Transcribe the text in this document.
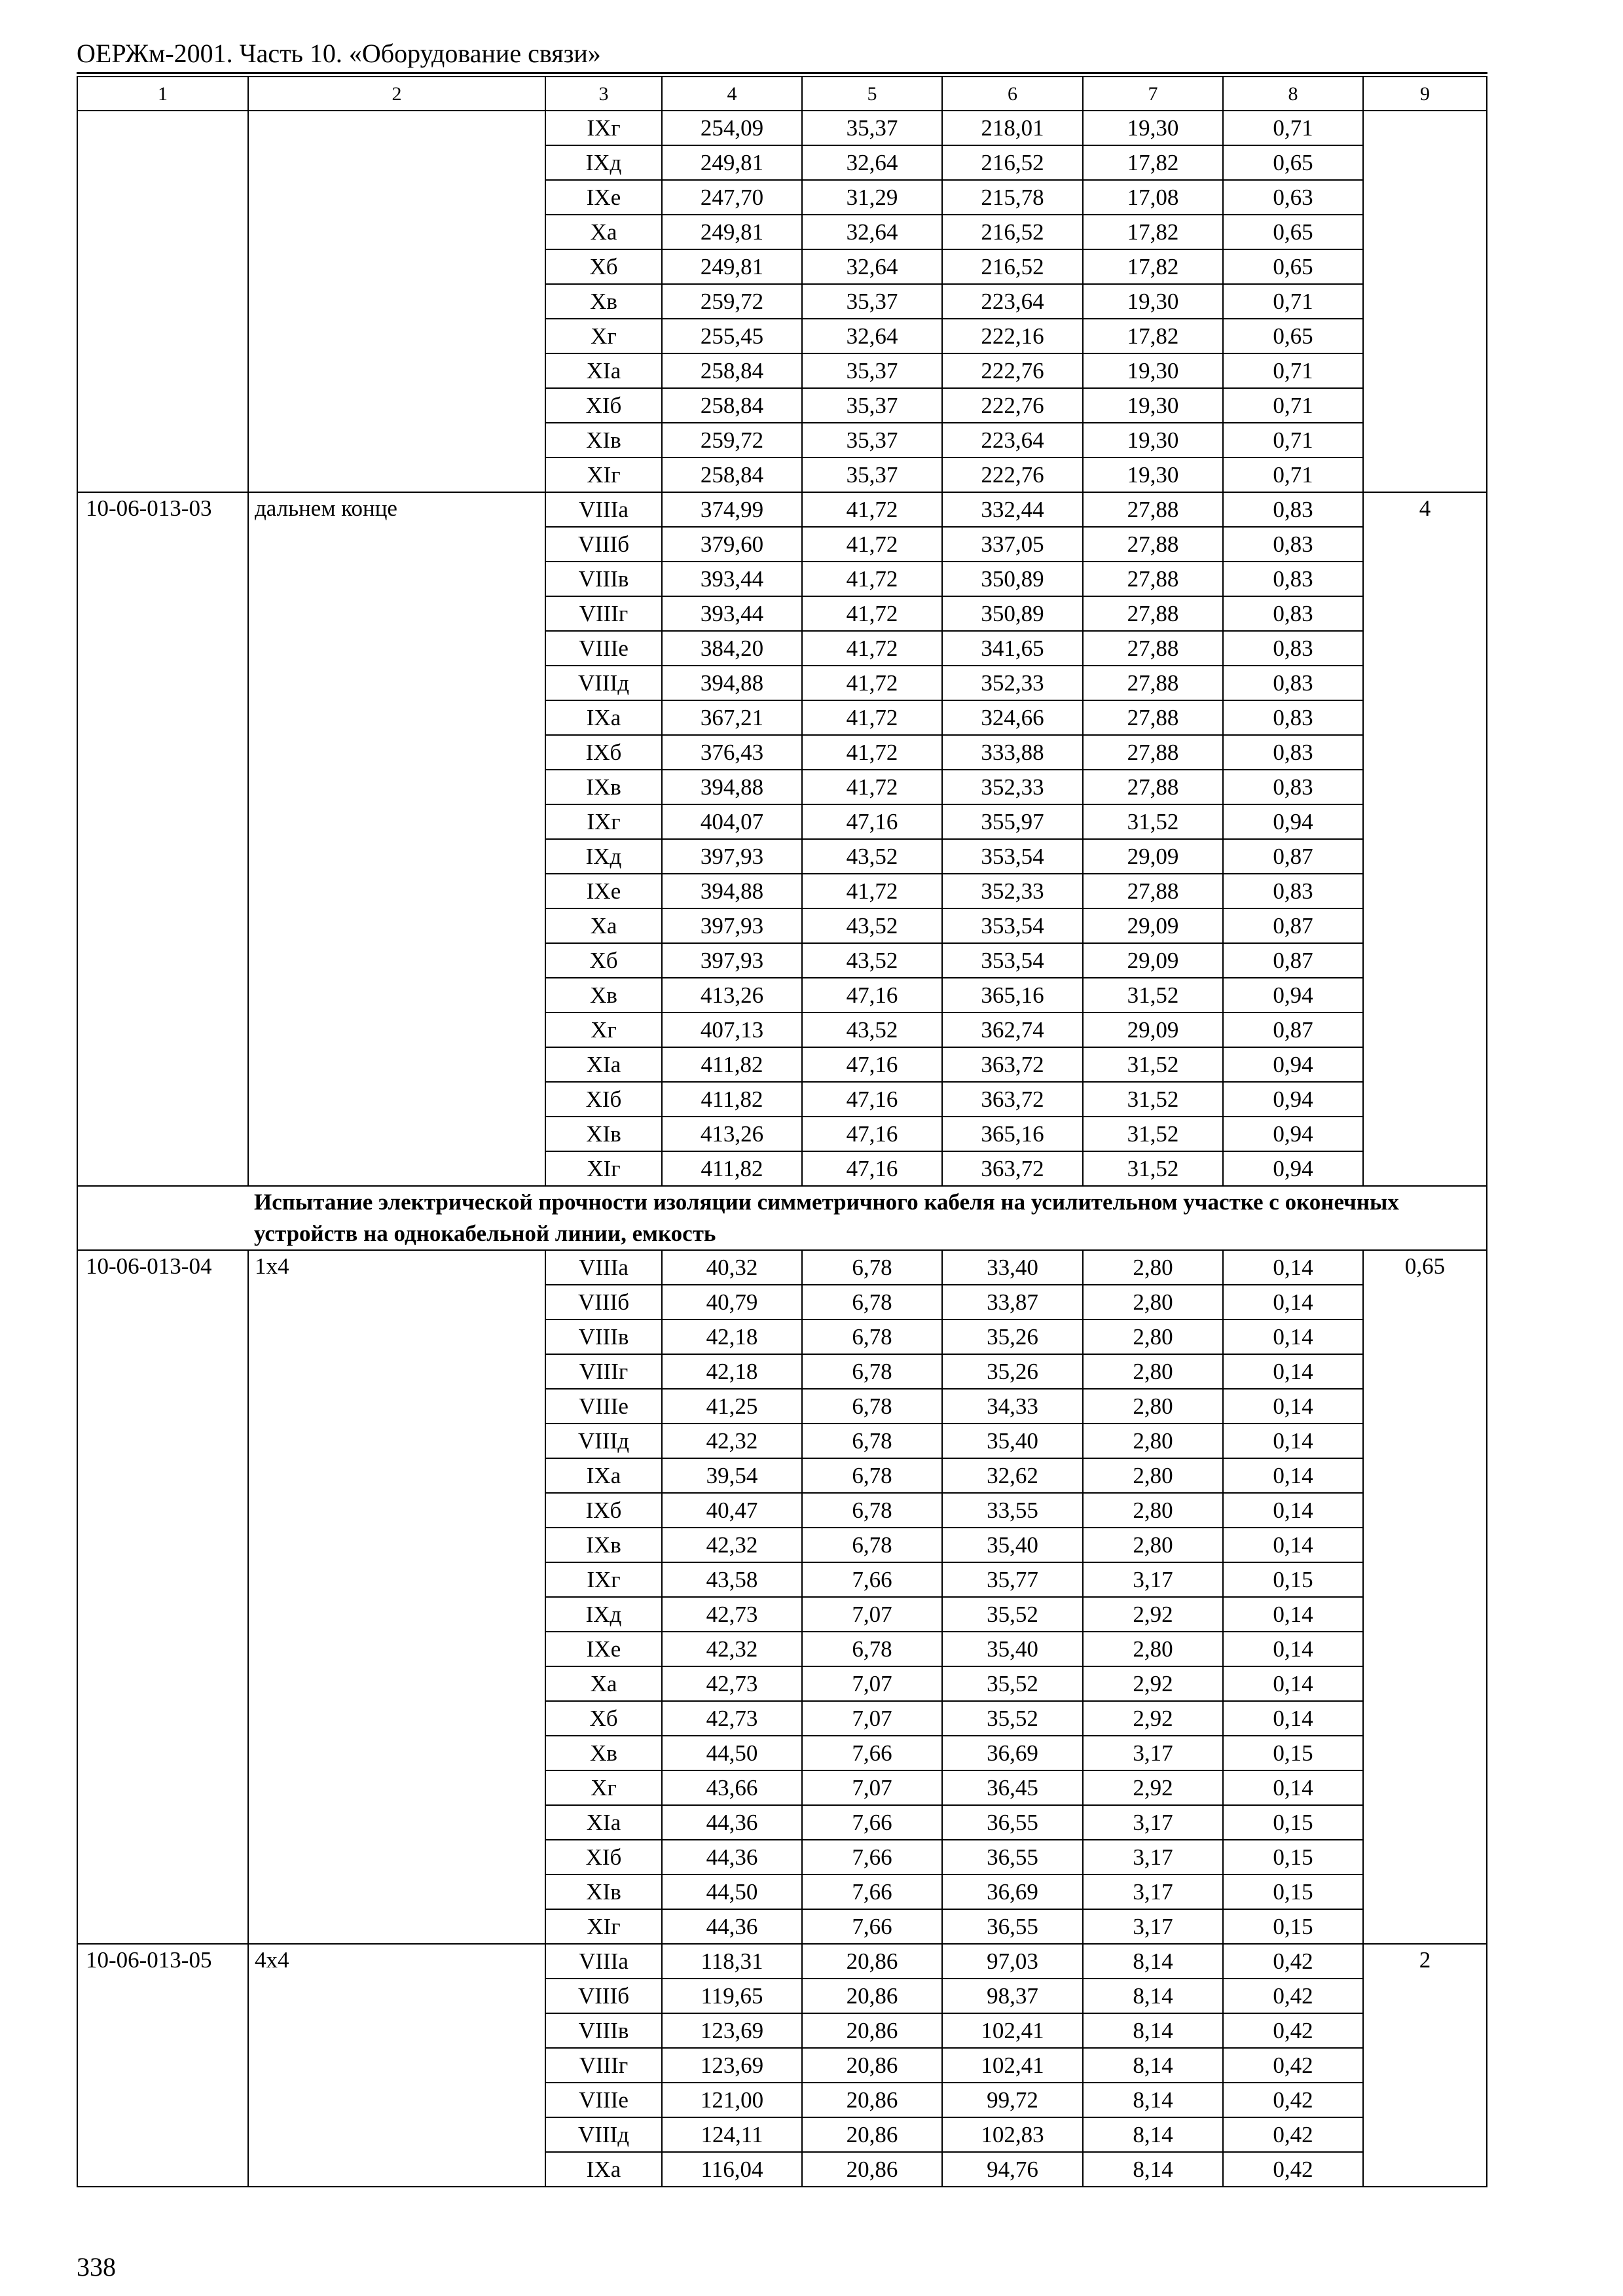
ОЕРЖм-2001. Часть 10. «Оборудование связи»
1	2	3	4	5	6	7	8	9
		IXг	254,09	35,37	218,01	19,30	0,71	
		IXд	249,81	32,64	216,52	17,82	0,65	
		IXе	247,70	31,29	215,78	17,08	0,63	
		Xа	249,81	32,64	216,52	17,82	0,65	
		Xб	249,81	32,64	216,52	17,82	0,65	
		Xв	259,72	35,37	223,64	19,30	0,71	
		Xг	255,45	32,64	222,16	17,82	0,65	
		XIа	258,84	35,37	222,76	19,30	0,71	
		XIб	258,84	35,37	222,76	19,30	0,71	
		XIв	259,72	35,37	223,64	19,30	0,71	
		XIг	258,84	35,37	222,76	19,30	0,71	
10-06-013-03	дальнем конце	VIIIа	374,99	41,72	332,44	27,88	0,83	4
		VIIIб	379,60	41,72	337,05	27,88	0,83	
		VIIIв	393,44	41,72	350,89	27,88	0,83	
		VIIIг	393,44	41,72	350,89	27,88	0,83	
		VIIIе	384,20	41,72	341,65	27,88	0,83	
		VIIIд	394,88	41,72	352,33	27,88	0,83	
		IXа	367,21	41,72	324,66	27,88	0,83	
		IXб	376,43	41,72	333,88	27,88	0,83	
		IXв	394,88	41,72	352,33	27,88	0,83	
		IXг	404,07	47,16	355,97	31,52	0,94	
		IXд	397,93	43,52	353,54	29,09	0,87	
		IXе	394,88	41,72	352,33	27,88	0,83	
		Xа	397,93	43,52	353,54	29,09	0,87	
		Xб	397,93	43,52	353,54	29,09	0,87	
		Xв	413,26	47,16	365,16	31,52	0,94	
		Xг	407,13	43,52	362,74	29,09	0,87	
		XIа	411,82	47,16	363,72	31,52	0,94	
		XIб	411,82	47,16	363,72	31,52	0,94	
		XIв	413,26	47,16	365,16	31,52	0,94	
		XIг	411,82	47,16	363,72	31,52	0,94	
	Испытание электрической прочности изоляции симметричного кабеля на усилительном участке с оконечных устройств на однокабельной линии, емкость							
10-06-013-04	1х4	VIIIа	40,32	6,78	33,40	2,80	0,14	0,65
		VIIIб	40,79	6,78	33,87	2,80	0,14	
		VIIIв	42,18	6,78	35,26	2,80	0,14	
		VIIIг	42,18	6,78	35,26	2,80	0,14	
		VIIIе	41,25	6,78	34,33	2,80	0,14	
		VIIIд	42,32	6,78	35,40	2,80	0,14	
		IXа	39,54	6,78	32,62	2,80	0,14	
		IXб	40,47	6,78	33,55	2,80	0,14	
		IXв	42,32	6,78	35,40	2,80	0,14	
		IXг	43,58	7,66	35,77	3,17	0,15	
		IXд	42,73	7,07	35,52	2,92	0,14	
		IXе	42,32	6,78	35,40	2,80	0,14	
		Xа	42,73	7,07	35,52	2,92	0,14	
		Xб	42,73	7,07	35,52	2,92	0,14	
		Xв	44,50	7,66	36,69	3,17	0,15	
		Xг	43,66	7,07	36,45	2,92	0,14	
		XIа	44,36	7,66	36,55	3,17	0,15	
		XIб	44,36	7,66	36,55	3,17	0,15	
		XIв	44,50	7,66	36,69	3,17	0,15	
		XIг	44,36	7,66	36,55	3,17	0,15	
10-06-013-05	4х4	VIIIа	118,31	20,86	97,03	8,14	0,42	2
		VIIIб	119,65	20,86	98,37	8,14	0,42	
		VIIIв	123,69	20,86	102,41	8,14	0,42	
		VIIIг	123,69	20,86	102,41	8,14	0,42	
		VIIIе	121,00	20,86	99,72	8,14	0,42	
		VIIIд	124,11	20,86	102,83	8,14	0,42	
		IXа	116,04	20,86	94,76	8,14	0,42	
338
